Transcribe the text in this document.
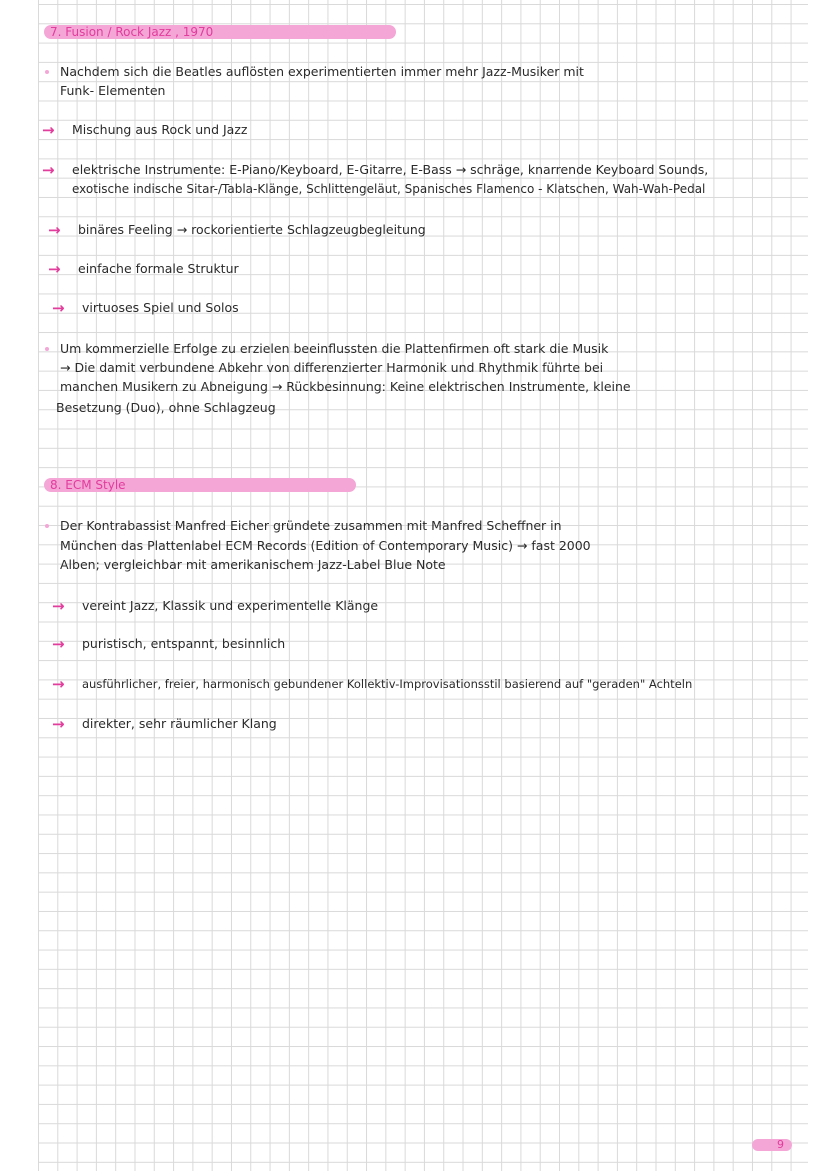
7. Fusion / Rock Jazz , 1970
Nachdem sich die Beatles auflösten experimentierten immer mehr Jazz-Musiker mit
Funk- Elementen
→ Mischung aus Rock und Jazz
→ elektrische Instrumente: E-Piano/Keyboard, E-Gitarre, E-Bass → schräge, knarrende Keyboard Sounds,
exotische indische Sitar-/Tabla-Klänge, Schlittengeläut, Spanisches Flamenco - Klatschen, Wah-Wah-Pedal
→ binäres Feeling → rockorientierte Schlagzeugbegleitung
→ einfache formale Struktur
→ virtuoses Spiel und Solos
Um kommerzielle Erfolge zu erzielen beeinflussten die Plattenfirmen oft stark die Musik
→ Die damit verbundene Abkehr von differenzierter Harmonik und Rhythmik führte bei
manchen Musikern zu Abneigung → Rückbesinnung: Keine elektrischen Instrumente, kleine
Besetzung (Duo), ohne Schlagzeug
8. ECM Style
Der Kontrabassist Manfred Eicher gründete zusammen mit Manfred Scheffner in
München das Plattenlabel ECM Records (Edition of Contemporary Music) → fast 2000
Alben; vergleichbar mit amerikanischem Jazz-Label Blue Note
→ vereint Jazz, Klassik und experimentelle Klänge
→ puristisch, entspannt, besinnlich
→ ausführlicher, freier, harmonisch gebundener Kollektiv-Improvisationsstil basierend auf "geraden" Achteln
→ direkter, sehr räumlicher Klang
9
